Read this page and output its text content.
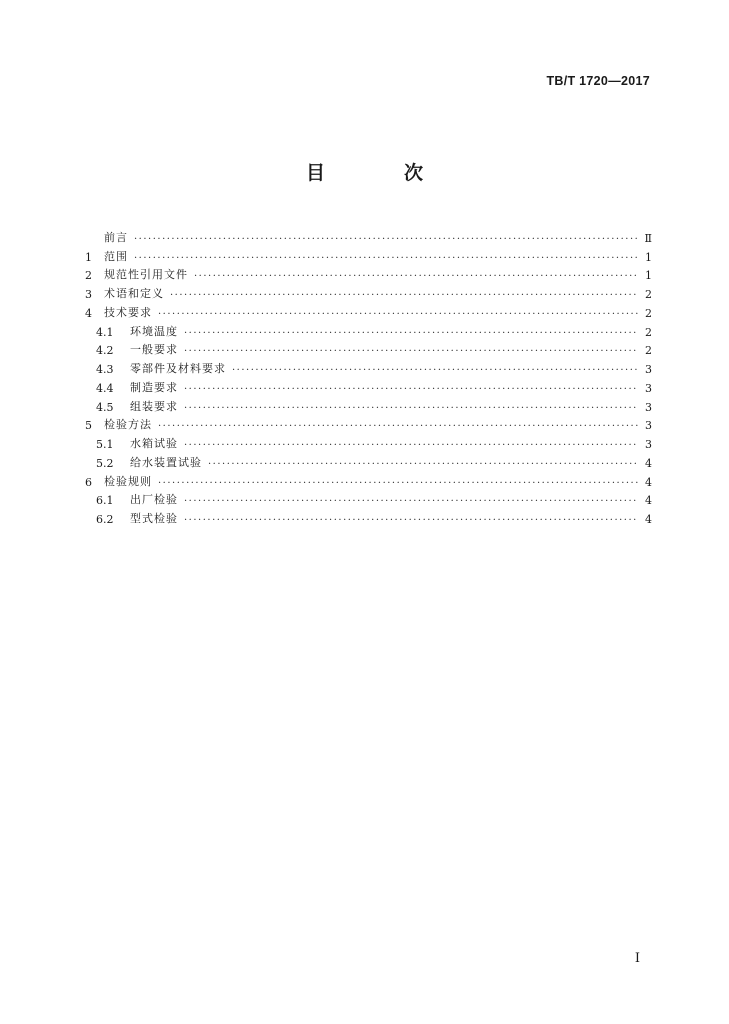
TB/T 1720—2017
目　次
前言 ·····	Ⅱ
1	范围 ·····	1
2	规范性引用文件 ·····	1
3	术语和定义 ·····	2
4	技术要求 ·····	2
4.1	环境温度 ·····	2
4.2	一般要求 ·····	2
4.3	零部件及材料要求 ·····	3
4.4	制造要求 ·····	3
4.5	组装要求 ·····	3
5	检验方法 ·····	3
5.1	水箱试验 ·····	3
5.2	给水装置试验 ·····	4
6	检验规则 ·····	4
6.1	出厂检验 ·····	4
6.2	型式检验 ·····	4
Ⅰ
